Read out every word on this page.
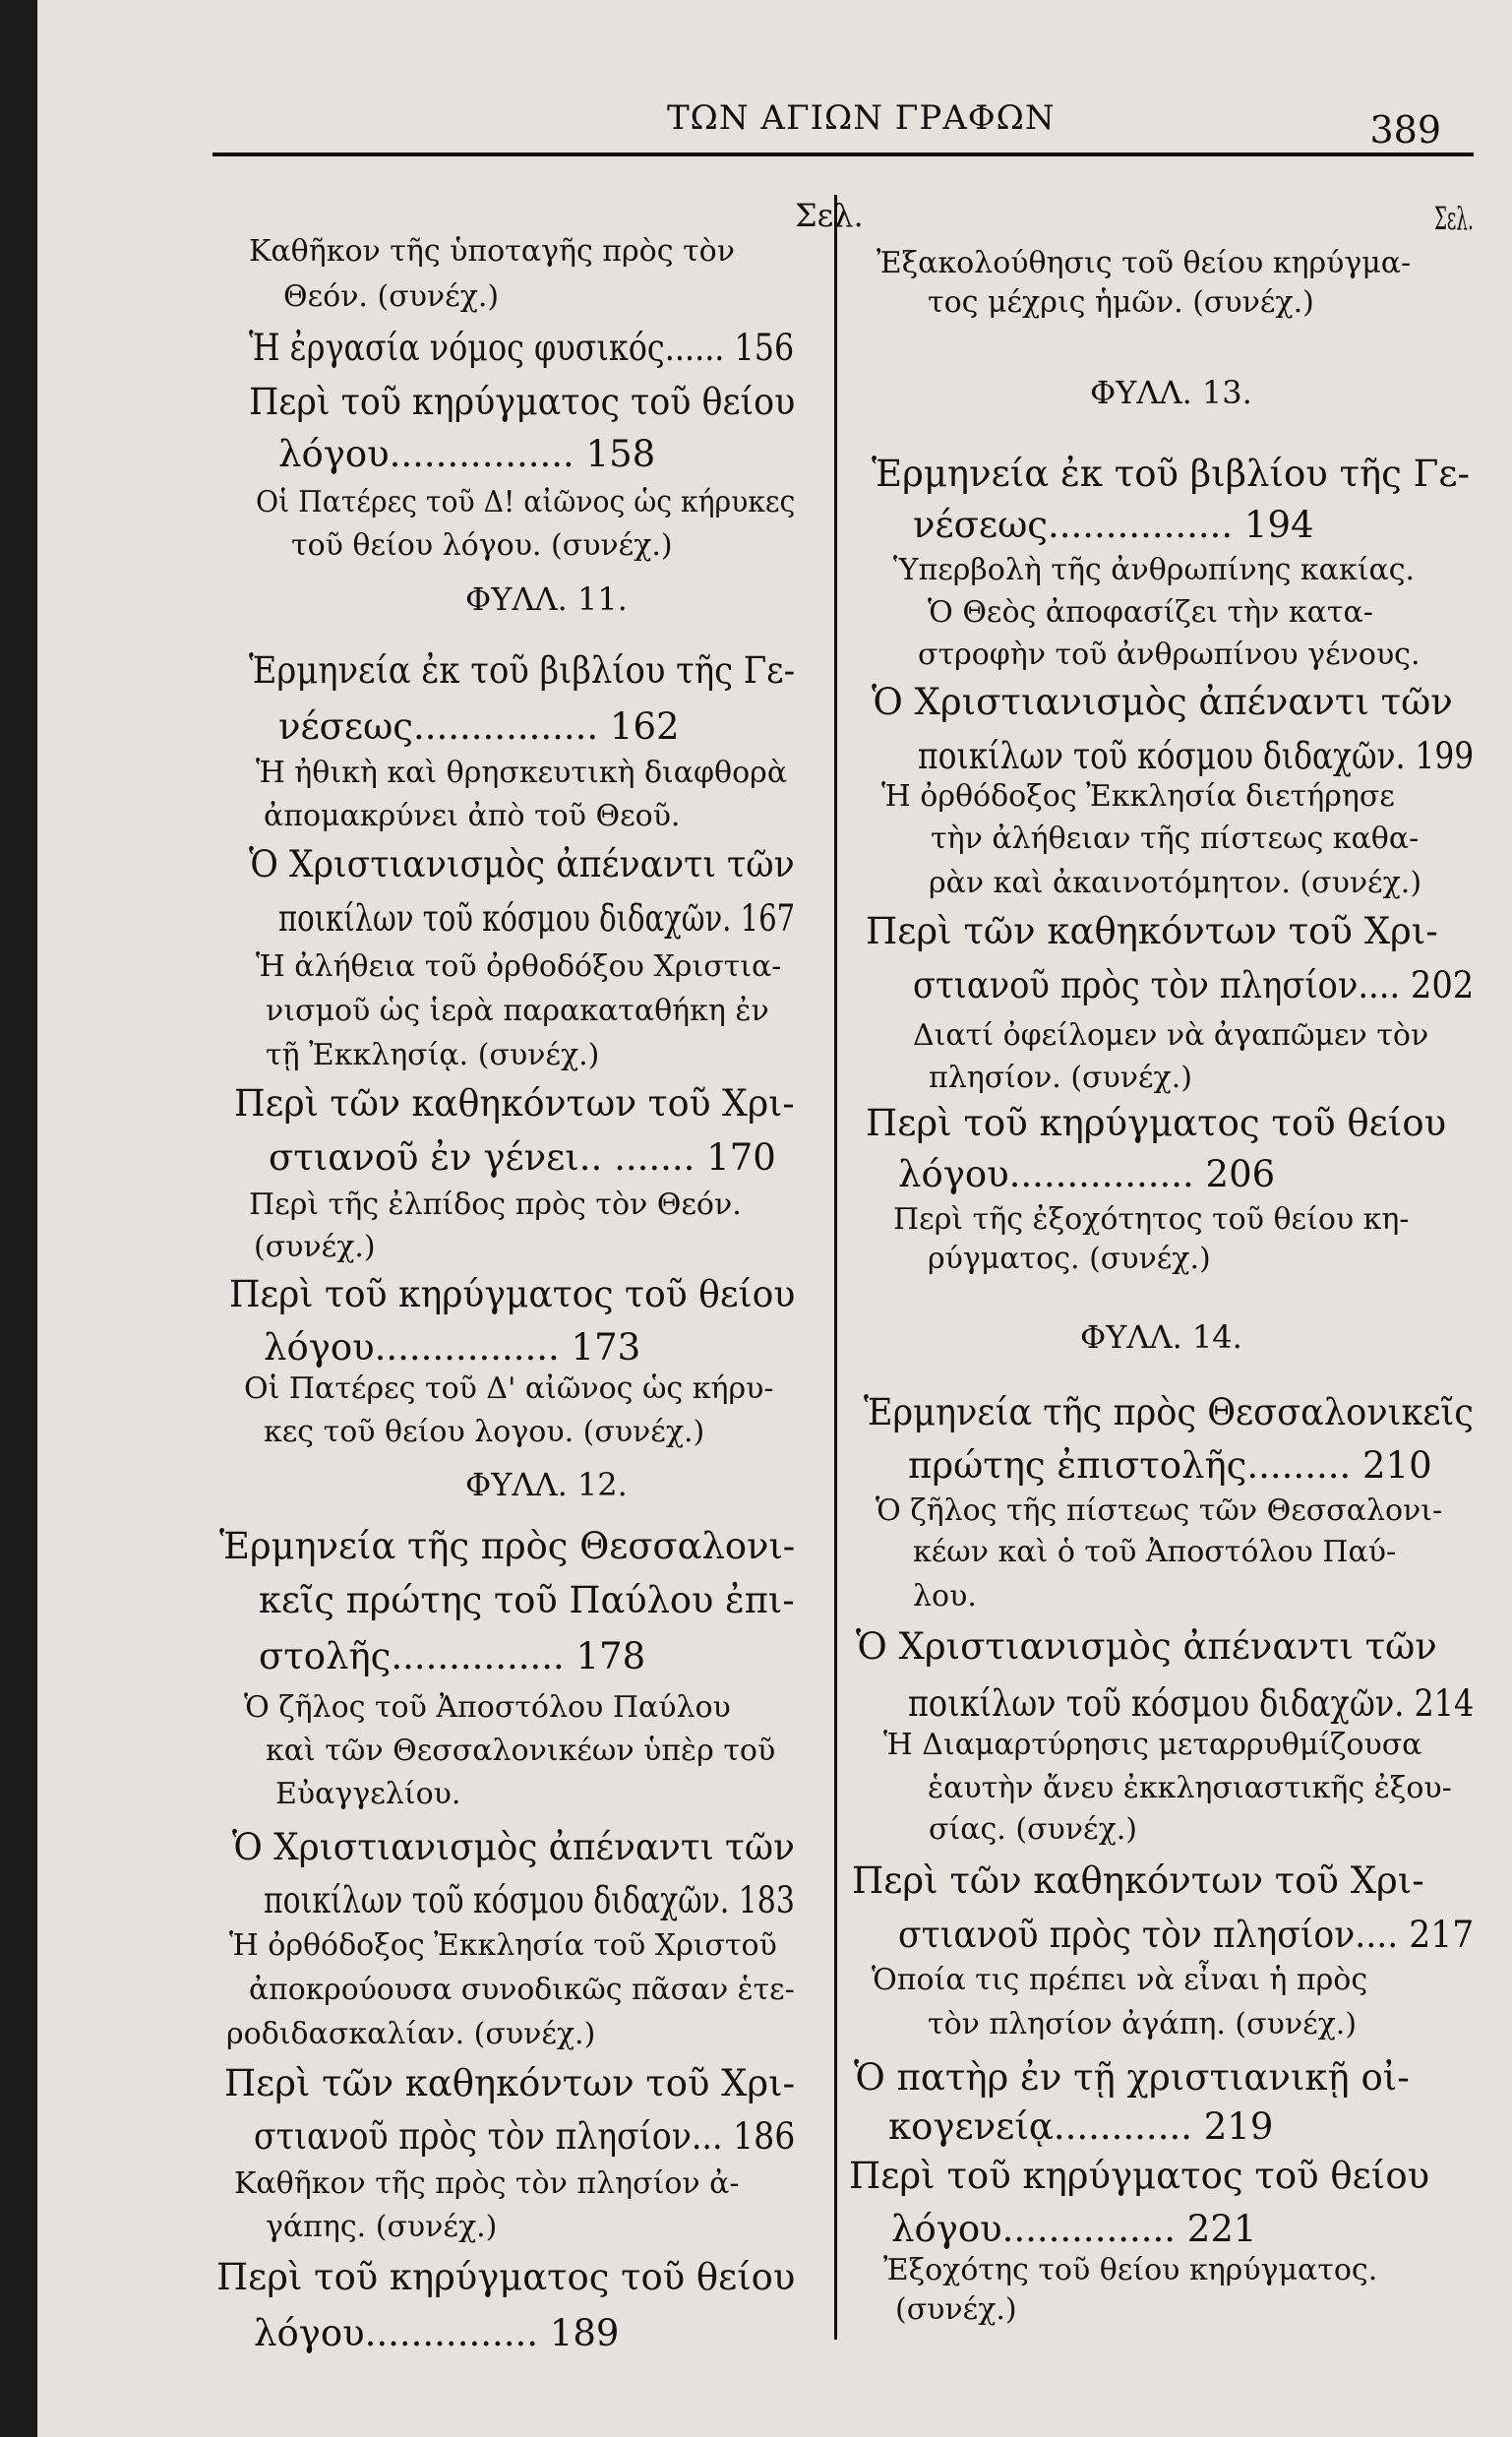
ΤΩΝ ΑΓΙΩΝ ΓΡΑΦΩΝ	389
Σελ.
Καθῆκον τῆς ὑποταγῆς πρὸς τὸν
Θεόν. (συνέχ.)
Ἡ ἐργασία νόμος φυσικός...... 156
Περὶ τοῦ κηρύγματος τοῦ θείου
λόγου................ 158
Οἱ Πατέρες τοῦ Δ! αἰῶνος ὡς κήρυκες
τοῦ θείου λόγου. (συνέχ.)
ΦΥΛΛ. 11.
Ἑρμηνεία ἐκ τοῦ βιβλίου τῆς Γε-
νέσεως................ 162
Ἡ ἠθικὴ καὶ θρησκευτικὴ διαφθορὰ
ἀπομακρύνει ἀπὸ τοῦ Θεοῦ.
Ὁ Χριστιανισμὸς ἀπέναντι τῶν
ποικίλων τοῦ κόσμου διδαχῶν. 167
Ἡ ἀλήθεια τοῦ ὀρθοδόξου Χριστια-
νισμοῦ ὡς ἱερὰ παρακαταθήκη ἐν
τῇ Ἐκκλησίᾳ. (συνέχ.)
Περὶ τῶν καθηκόντων τοῦ Χρι-
στιανοῦ ἐν γένει.. ....... 170
Περὶ τῆς ἐλπίδος πρὸς τὸν Θεόν.
(συνέχ.)
Περὶ τοῦ κηρύγματος τοῦ θείου
λόγου................ 173
Οἱ Πατέρες τοῦ Δ' αἰῶνος ὡς κήρυ-
κες τοῦ θείου λογου. (συνέχ.)
ΦΥΛΛ. 12.
Ἑρμηνεία τῆς πρὸς Θεσσαλονι-
κεῖς πρώτης τοῦ Παύλου ἐπι-
στολῆς............... 178
Ὁ ζῆλος τοῦ Ἀποστόλου Παύλου
καὶ τῶν Θεσσαλονικέων ὑπὲρ τοῦ
Εὐαγγελίου.
Ὁ Χριστιανισμὸς ἀπέναντι τῶν
ποικίλων τοῦ κόσμου διδαχῶν. 183
Ἡ ὀρθόδοξος Ἐκκλησία τοῦ Χριστοῦ
ἀποκρούουσα συνοδικῶς πᾶσαν ἑτε-
ροδιδασκαλίαν. (συνέχ.)
Περὶ τῶν καθηκόντων τοῦ Χρι-
στιανοῦ πρὸς τὸν πλησίον... 186
Καθῆκον τῆς πρὸς τὸν πλησίον ἀ-
γάπης. (συνέχ.)
Περὶ τοῦ κηρύγματος τοῦ θείου
λόγου............... 189
Σελ.
Ἐξακολούθησις τοῦ θείου κηρύγμα-
τος μέχρις ἡμῶν. (συνέχ.)
ΦΥΛΛ. 13.
Ἑρμηνεία ἐκ τοῦ βιβλίου τῆς Γε-
νέσεως................ 194
Ὑπερβολὴ τῆς ἀνθρωπίνης κακίας.
Ὁ Θεὸς ἀποφασίζει τὴν κατα-
στροφὴν τοῦ ἀνθρωπίνου γένους.
Ὁ Χριστιανισμὸς ἀπέναντι τῶν
ποικίλων τοῦ κόσμου διδαχῶν. 199
Ἡ ὀρθόδοξος Ἐκκλησία διετήρησε
τὴν ἀλήθειαν τῆς πίστεως καθα-
ρὰν καὶ ἀκαινοτόμητον. (συνέχ.)
Περὶ τῶν καθηκόντων τοῦ Χρι-
στιανοῦ πρὸς τὸν πλησίον.... 202
Διατί ὀφείλομεν νὰ ἀγαπῶμεν τὸν
πλησίον. (συνέχ.)
Περὶ τοῦ κηρύγματος τοῦ θείου
λόγου................ 206
Περὶ τῆς ἐξοχότητος τοῦ θείου κη-
ρύγματος. (συνέχ.)
ΦΥΛΛ. 14.
Ἑρμηνεία τῆς πρὸς Θεσσαλονικεῖς
πρώτης ἐπιστολῆς......... 210
Ὁ ζῆλος τῆς πίστεως τῶν Θεσσαλονι-
κέων καὶ ὁ τοῦ Ἀποστόλου Παύ-
λου.
Ὁ Χριστιανισμὸς ἀπέναντι τῶν
ποικίλων τοῦ κόσμου διδαχῶν. 214
Ἡ Διαμαρτύρησις μεταρρυθμίζουσα
ἑαυτὴν ἄνευ ἐκκλησιαστικῆς ἐξου-
σίας. (συνέχ.)
Περὶ τῶν καθηκόντων τοῦ Χρι-
στιανοῦ πρὸς τὸν πλησίον.... 217
Ὁποία τις πρέπει νὰ εἶναι ἡ πρὸς
τὸν πλησίον ἀγάπη. (συνέχ.)
Ὁ πατὴρ ἐν τῇ χριστιανικῇ οἰ-
κογενείᾳ............ 219
Περὶ τοῦ κηρύγματος τοῦ θείου
λόγου............... 221
Ἐξοχότης τοῦ θείου κηρύγματος.
(συνέχ.)
